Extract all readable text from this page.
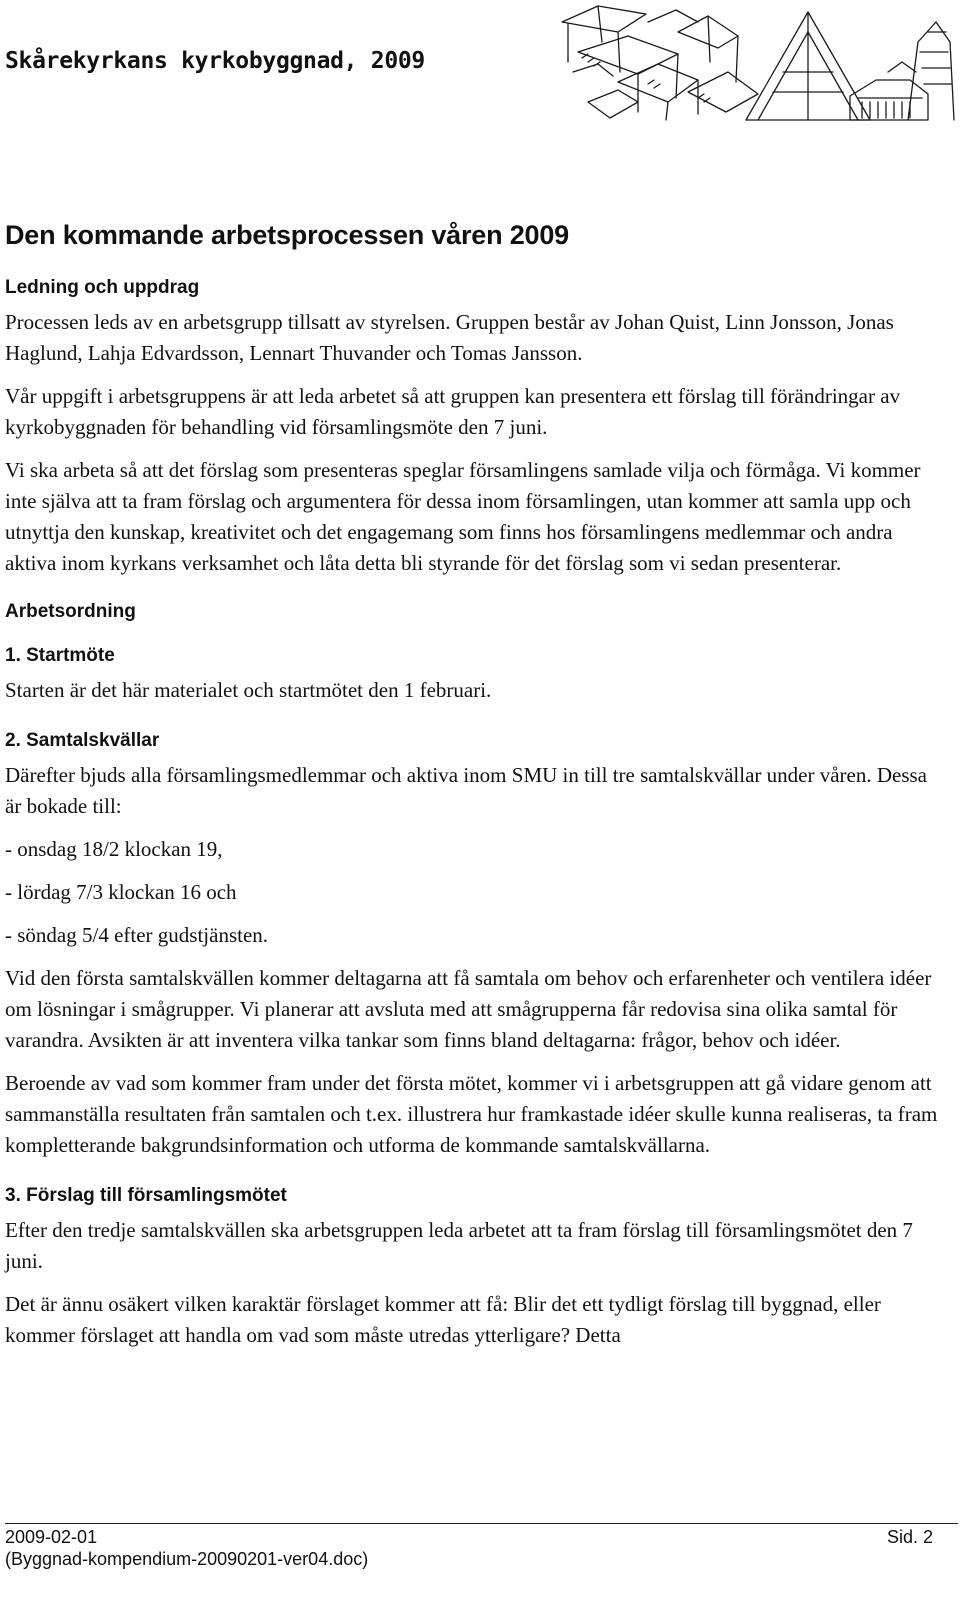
Skårekyrkans kyrkobyggnad, 2009
Den kommande arbetsprocessen våren 2009
Ledning och uppdrag

Processen leds av en arbetsgrupp tillsatt av styrelsen. Gruppen består av Johan Quist, Linn Jonsson, Jonas Haglund, Lahja Edvardsson, Lennart Thuvander och Tomas Jansson.

Vår uppgift i arbetsgruppens är att leda arbetet så att gruppen kan presentera ett förslag till förändringar av kyrkobyggnaden för behandling vid församlingsmöte den 7 juni.

Vi ska arbeta så att det förslag som presenteras speglar församlingens samlade vilja och förmåga. Vi kommer inte själva att ta fram förslag och argumentera för dessa inom församlingen, utan kommer att samla upp och utnyttja den kunskap, kreativitet och det engagemang som finns hos församlingens medlemmar och andra aktiva inom kyrkans verksamhet och låta detta bli styrande för det förslag som vi sedan presenterar.

Arbetsordning
1. Startmöte

Starten är det här materialet och startmötet den 1 februari.

2. Samtalskvällar

Därefter bjuds alla församlingsmedlemmar och aktiva inom SMU in till tre samtalskvällar under våren. Dessa är bokade till:

- onsdag 18/2 klockan 19,

- lördag 7/3 klockan 16 och

- söndag 5/4 efter gudstjänsten.

Vid den första samtalskvällen kommer deltagarna att få samtala om behov och erfarenheter och ventilera idéer om lösningar i smågrupper. Vi planerar att avsluta med att smågrupperna får redovisa sina olika samtal för varandra. Avsikten är att inventera vilka tankar som finns bland deltagarna: frågor, behov och idéer.

Beroende av vad som kommer fram under det första mötet, kommer vi i arbetsgruppen att gå vidare genom att sammanställa resultaten från samtalen och t.ex. illustrera hur framkastade idéer skulle kunna realiseras, ta fram kompletterande bakgrundsinformation och utforma de kommande samtalskvällarna.

3. Förslag till församlingsmötet

Efter den tredje samtalskvällen ska arbetsgruppen leda arbetet att ta fram förslag till församlingsmötet den 7 juni.

Det är ännu osäkert vilken karaktär förslaget kommer att få: Blir det ett tydligt förslag till byggnad, eller kommer förslaget att handla om vad som måste utredas ytterligare? Detta

2009-02-01	Sid. 2
(Byggnad-kompendium-20090201-ver04.doc)
